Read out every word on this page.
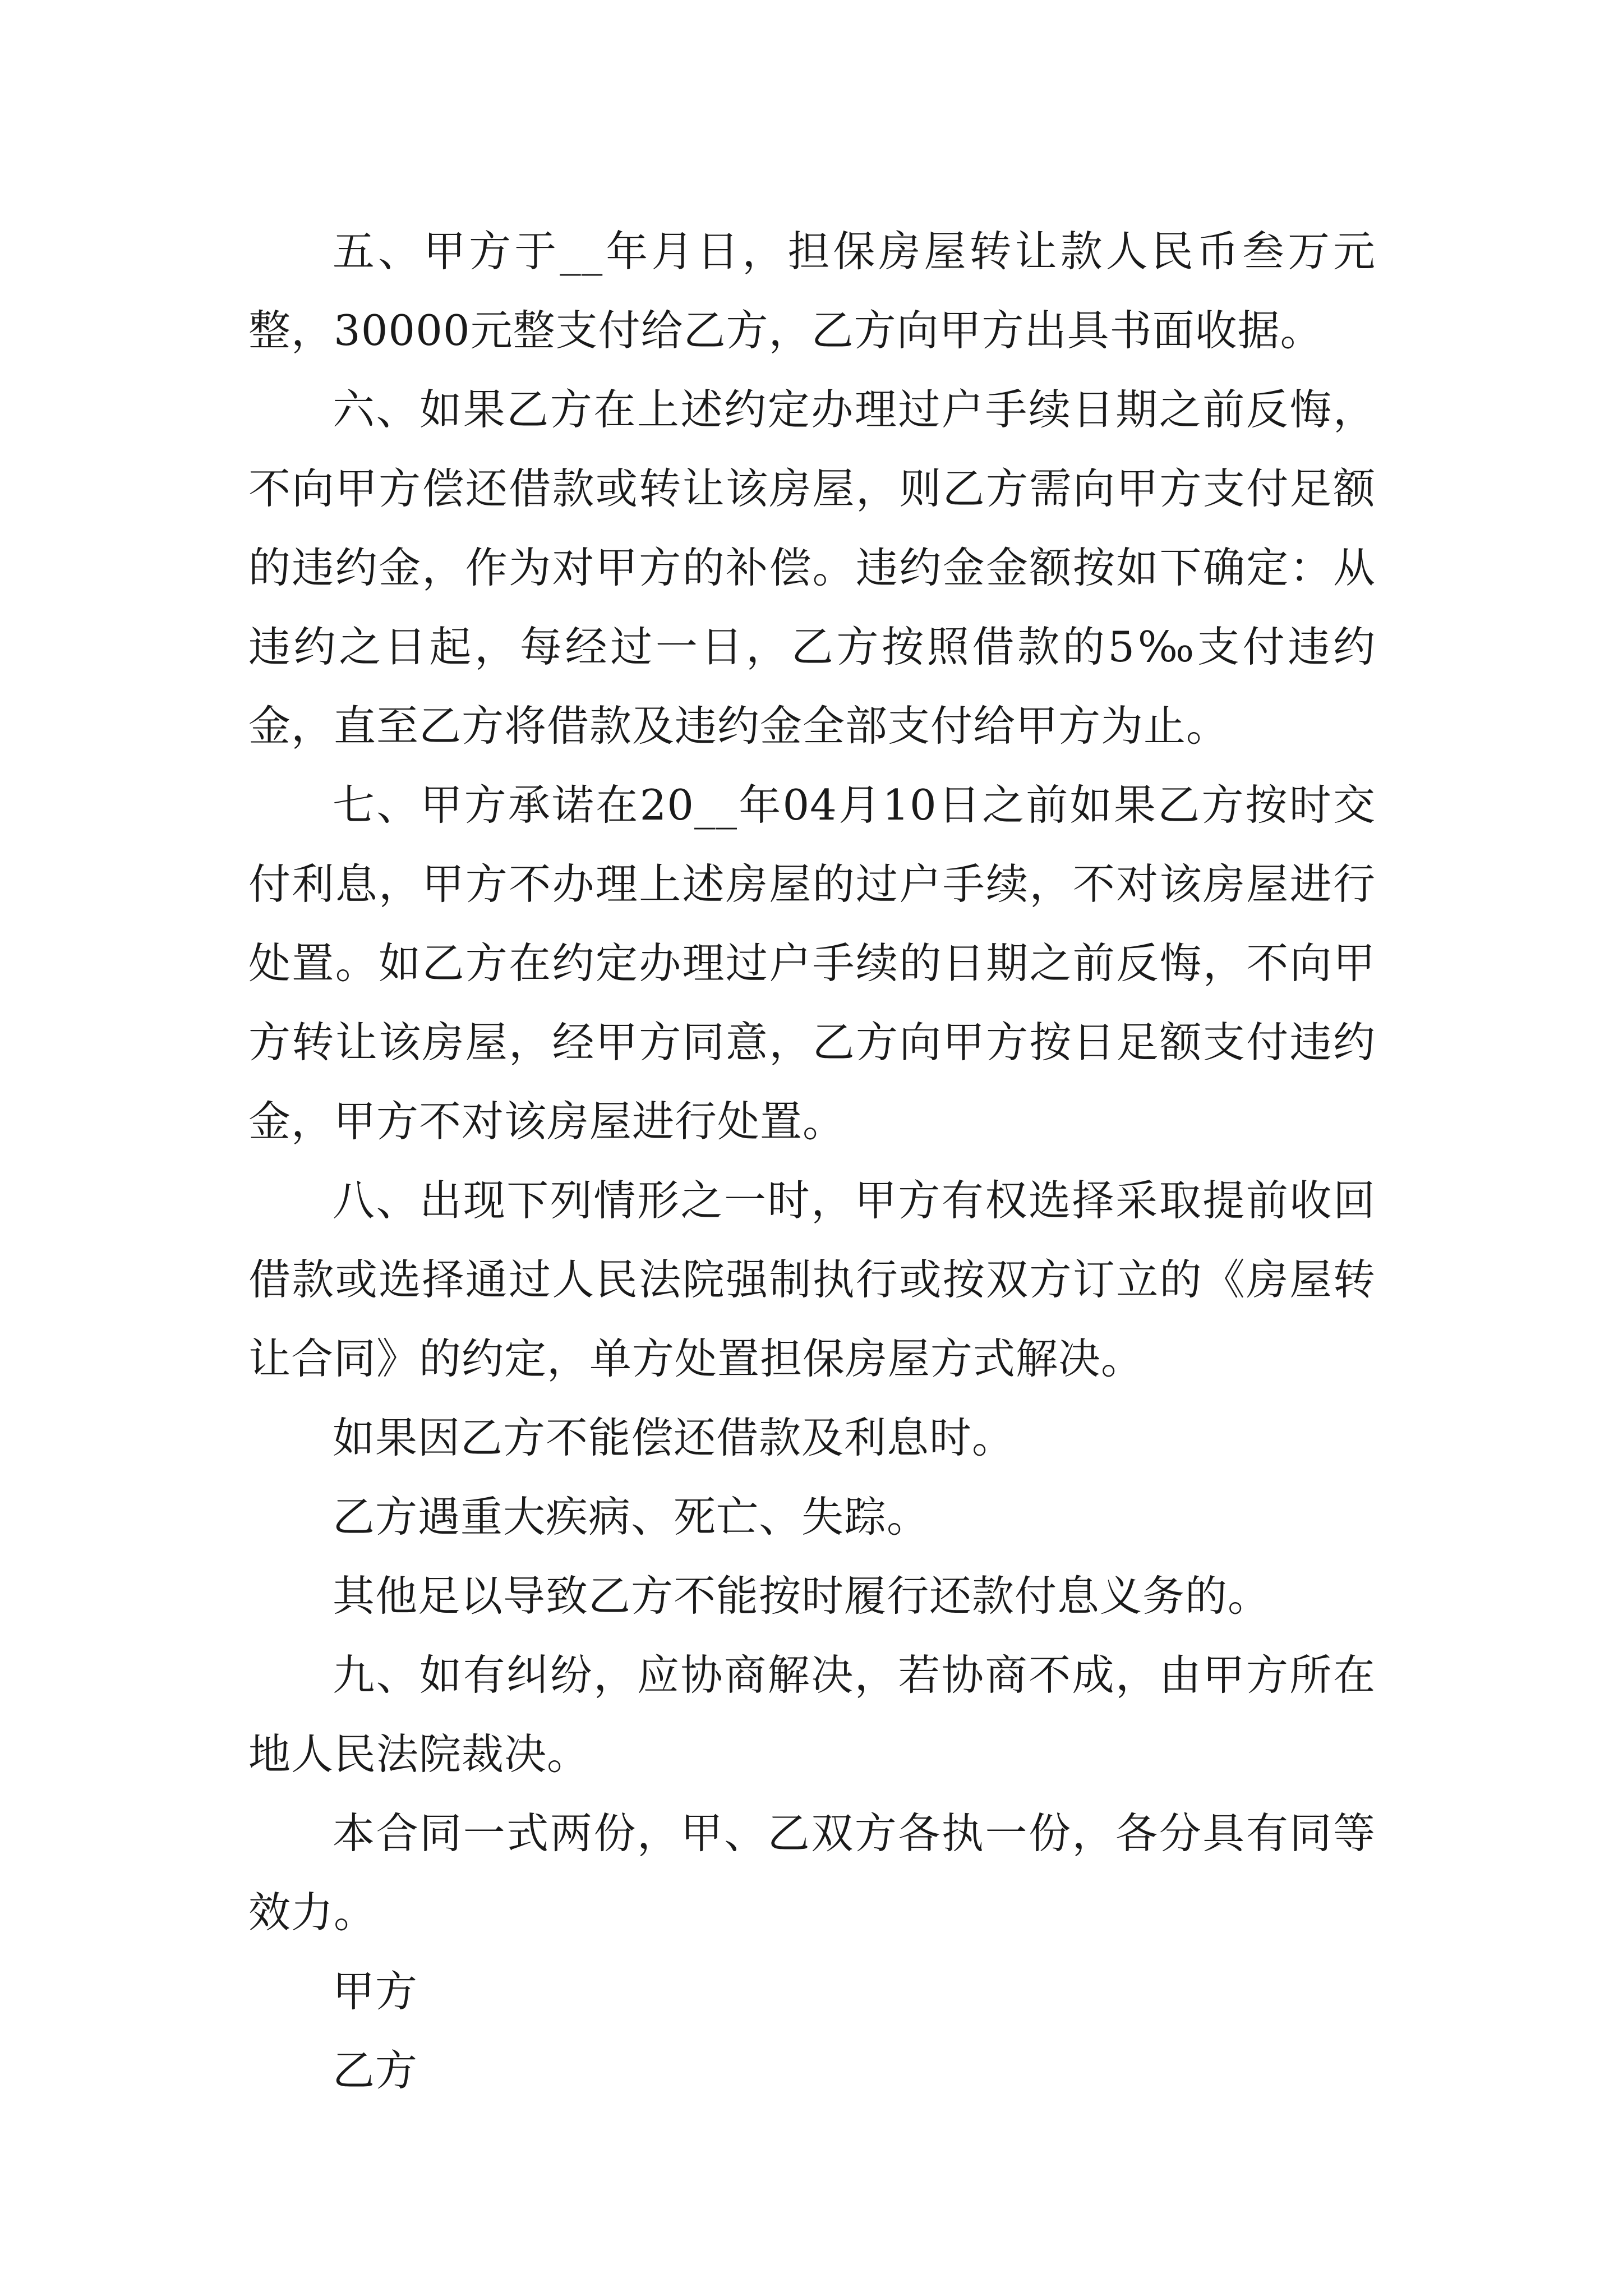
五、甲方于__年月日，担保房屋转让款人民币叁万元整，30000元整支付给乙方，乙方向甲方出具书面收据。

六、如果乙方在上述约定办理过户手续日期之前反悔，不向甲方偿还借款或转让该房屋，则乙方需向甲方支付足额的违约金，作为对甲方的补偿。违约金金额按如下确定：从违约之日起，每经过一日，乙方按照借款的5‰支付违约金，直至乙方将借款及违约金全部支付给甲方为止。

七、甲方承诺在20__年04月10日之前如果乙方按时交付利息，甲方不办理上述房屋的过户手续，不对该房屋进行处置。如乙方在约定办理过户手续的日期之前反悔，不向甲方转让该房屋，经甲方同意，乙方向甲方按日足额支付违约金，甲方不对该房屋进行处置。

八、出现下列情形之一时，甲方有权选择采取提前收回借款或选择通过人民法院强制执行或按双方订立的《房屋转让合同》的约定，单方处置担保房屋方式解决。

如果因乙方不能偿还借款及利息时。

乙方遇重大疾病、死亡、失踪。

其他足以导致乙方不能按时履行还款付息义务的。

九、如有纠纷，应协商解决，若协商不成，由甲方所在地人民法院裁决。

本合同一式两份，甲、乙双方各执一份，各分具有同等效力。

甲方

乙方
